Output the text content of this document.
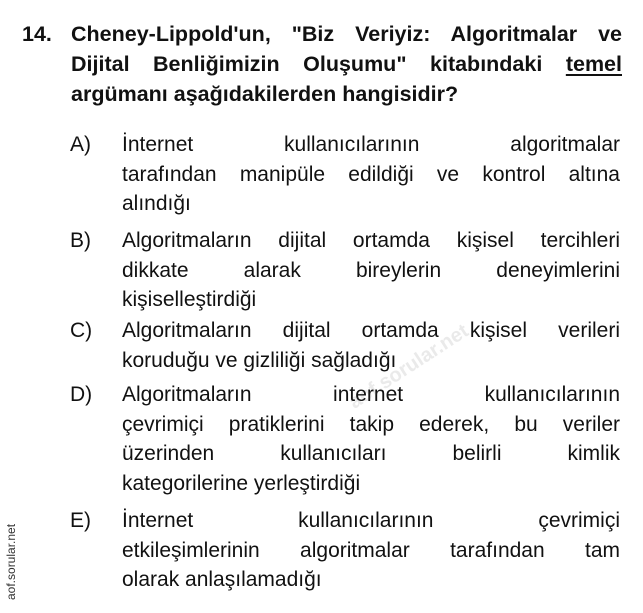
14. Cheney-Lippold'un, "Biz Veriyiz: Algoritmalar ve Dijital Benliğimizin Oluşumu" kitabındaki temel argümanı aşağıdakilerden hangisidir?
A) İnternet kullanıcılarının algoritmalar
tarafından manipüle edildiği ve kontrol altına
alındığı
B) Algoritmaların dijital ortamda kişisel tercihleri
dikkate alarak bireylerin deneyimlerini
kişiselleştirdiği
C) Algoritmaların dijital ortamda kişisel verileri
koruduğu ve gizliliği sağladığı
D) Algoritmaların internet kullanıcılarının
çevrimiçi pratiklerini takip ederek, bu veriler
üzerinden kullanıcıları belirli kimlik
kategorilerine yerleştirdiği
E) İnternet kullanıcılarının çevrimiçi
etkileşimlerinin algoritmalar tarafından tam
olarak anlaşılamadığı
aof.sorular.net
aof.sorular.net
